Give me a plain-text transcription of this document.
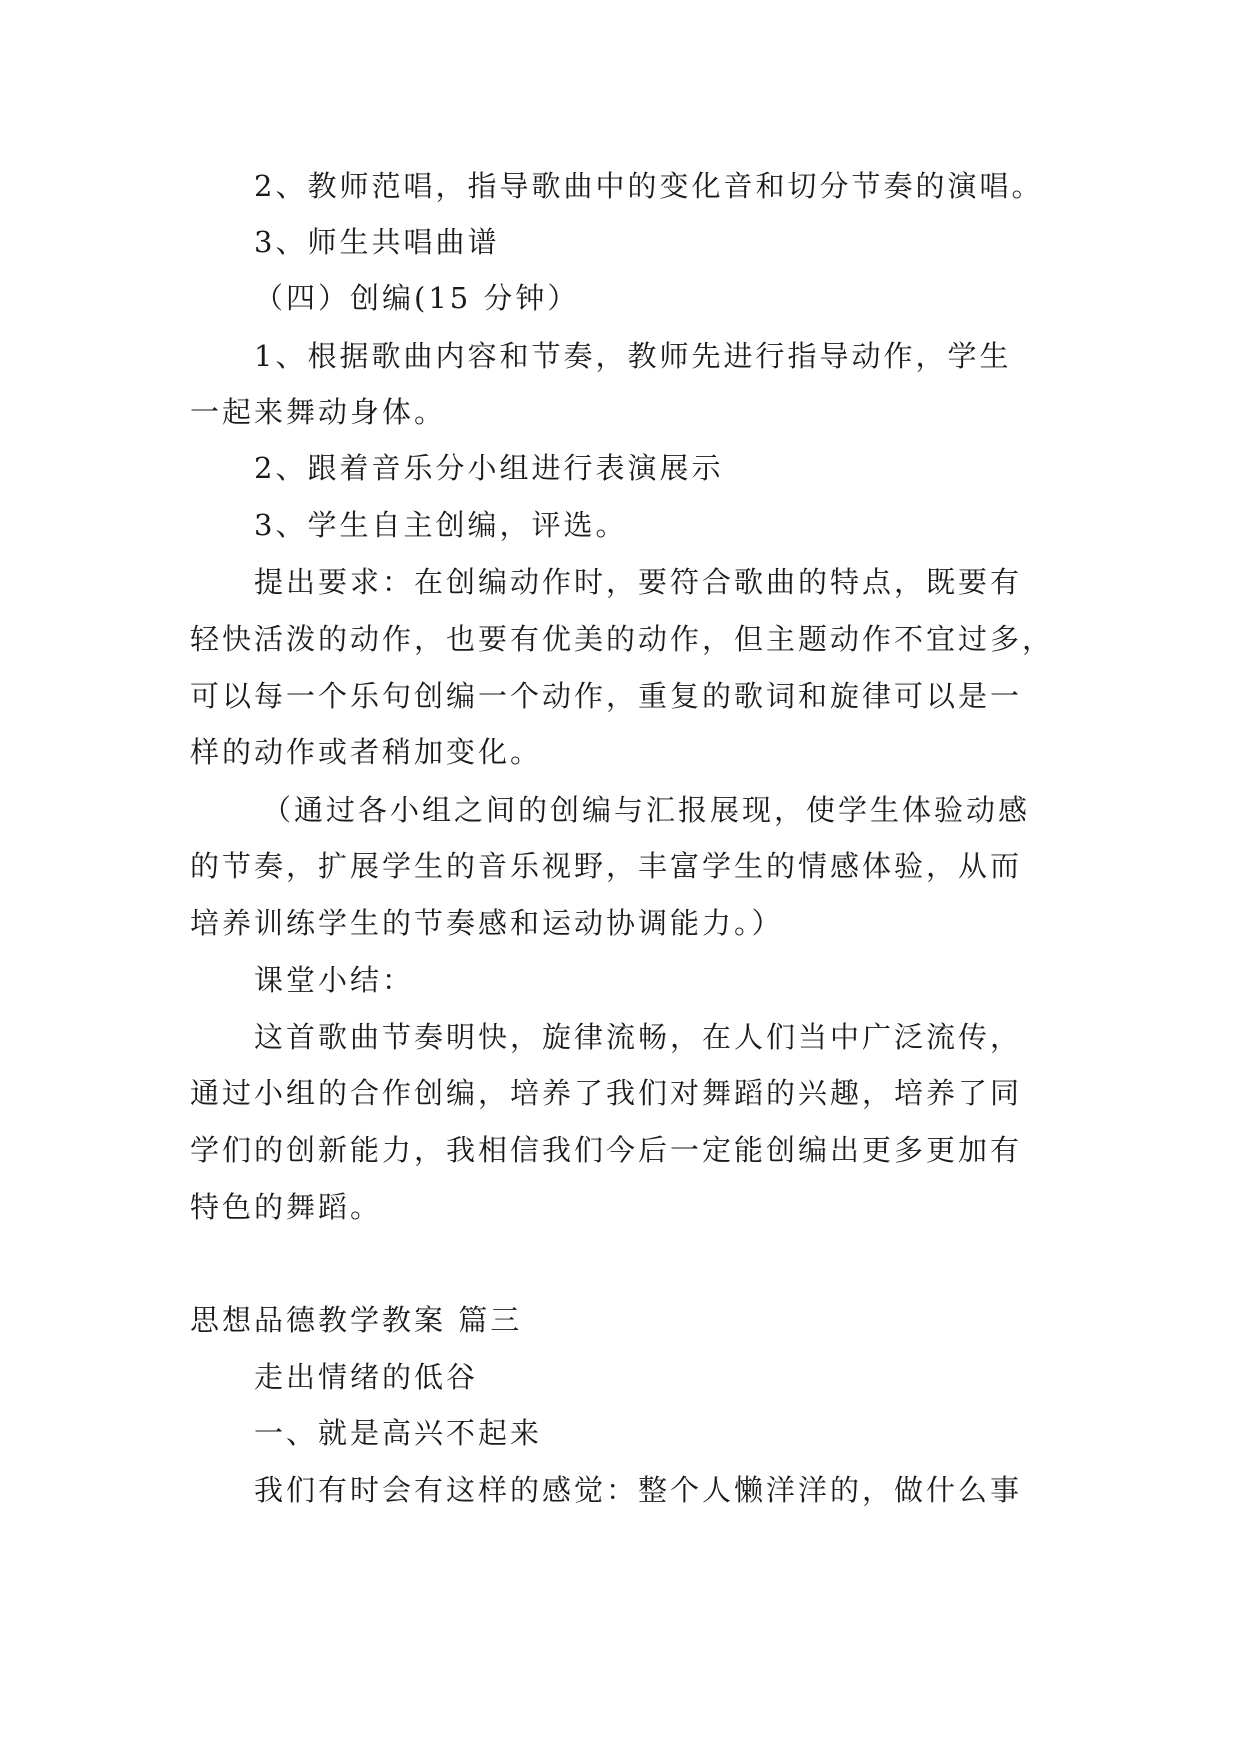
2、教师范唱，指导歌曲中的变化音和切分节奏的演唱。
3、师生共唱曲谱
（四）创编(15 分钟）
1、根据歌曲内容和节奏，教师先进行指导动作，学生
一起来舞动身体。
2、跟着音乐分小组进行表演展示
3、学生自主创编，评选。
提出要求：在创编动作时，要符合歌曲的特点，既要有
轻快活泼的动作，也要有优美的动作，但主题动作不宜过多，
可以每一个乐句创编一个动作，重复的歌词和旋律可以是一
样的动作或者稍加变化。
（通过各小组之间的创编与汇报展现，使学生体验动感
的节奏，扩展学生的音乐视野，丰富学生的情感体验，从而
培养训练学生的节奏感和运动协调能力。）
课堂小结：
这首歌曲节奏明快，旋律流畅，在人们当中广泛流传，
通过小组的合作创编，培养了我们对舞蹈的兴趣，培养了同
学们的创新能力，我相信我们今后一定能创编出更多更加有
特色的舞蹈。
思想品德教学教案 篇三
走出情绪的低谷
一、就是高兴不起来
我们有时会有这样的感觉：整个人懒洋洋的，做什么事
